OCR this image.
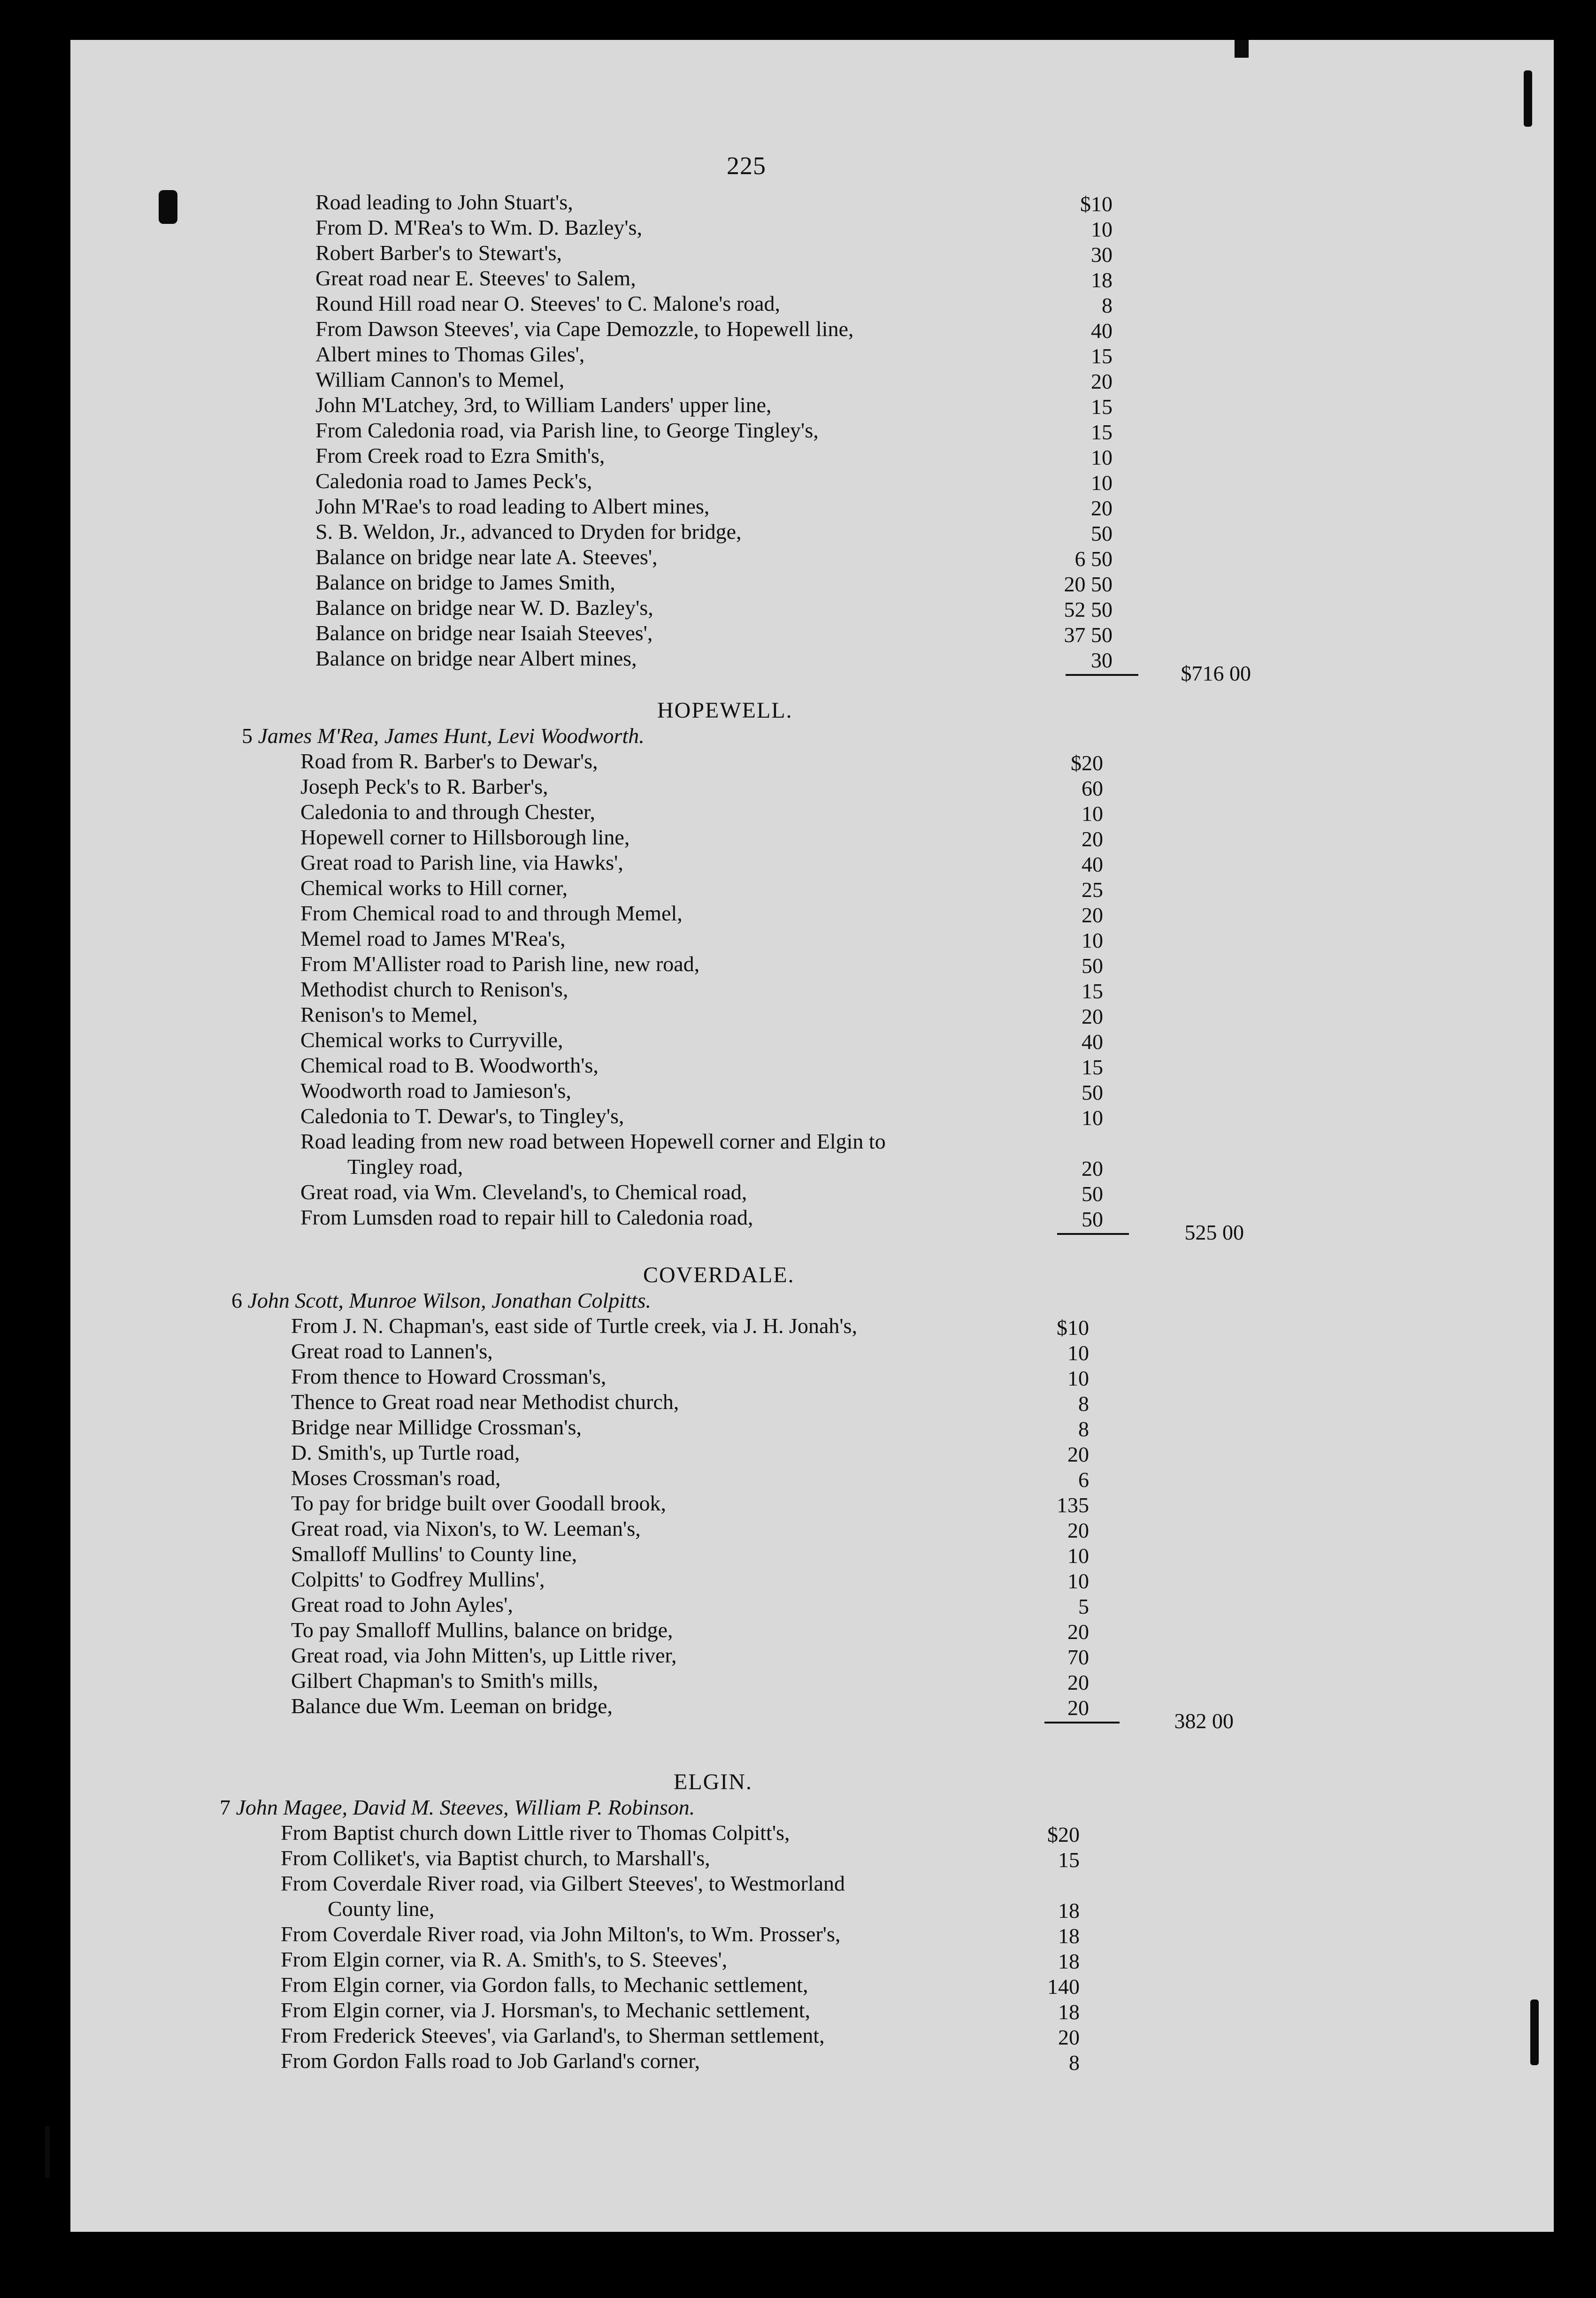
225
Road leading to John Stuart's,	$10
From D. M'Rea's to Wm. D. Bazley's,	10
Robert Barber's to Stewart's,	30
Great road near E. Steeves' to Salem,	18
Round Hill road near O. Steeves' to C. Malone's road,	8
From Dawson Steeves', via Cape Demozzle, to Hopewell line,	40
Albert mines to Thomas Giles',	15
William Cannon's to Memel,	20
John M'Latchey, 3rd, to William Landers' upper line,	15
From Caledonia road, via Parish line, to George Tingley's,	15
From Creek road to Ezra Smith's,	10
Caledonia road to James Peck's,	10
John M'Rae's to road leading to Albert mines,	20
S. B. Weldon, Jr., advanced to Dryden for bridge,	50
Balance on bridge near late A. Steeves',	6 50
Balance on bridge to James Smith,	20 50
Balance on bridge near W. D. Bazley's,	52 50
Balance on bridge near Isaiah Steeves',	37 50
Balance on bridge near Albert mines,	30
$716 00
HOPEWELL.
5 James M'Rea, James Hunt, Levi Woodworth.
Road from R. Barber's to Dewar's,	$20
Joseph Peck's to R. Barber's,	60
Caledonia to and through Chester,	10
Hopewell corner to Hillsborough line,	20
Great road to Parish line, via Hawks',	40
Chemical works to Hill corner,	25
From Chemical road to and through Memel,	20
Memel road to James M'Rea's,	10
From M'Allister road to Parish line, new road,	50
Methodist church to Renison's,	15
Renison's to Memel,	20
Chemical works to Curryville,	40
Chemical road to B. Woodworth's,	15
Woodworth road to Jamieson's,	50
Caledonia to T. Dewar's, to Tingley's,	10
Road leading from new road between Hopewell corner and Elgin to
Tingley road,	20
Great road, via Wm. Cleveland's, to Chemical road,	50
From Lumsden road to repair hill to Caledonia road,	50
525 00
COVERDALE.
6 John Scott, Munroe Wilson, Jonathan Colpitts.
From J. N. Chapman's, east side of Turtle creek, via J. H. Jonah's,	$10
Great road to Lannen's,	10
From thence to Howard Crossman's,	10
Thence to Great road near Methodist church,	8
Bridge near Millidge Crossman's,	8
D. Smith's, up Turtle road,	20
Moses Crossman's road,	6
To pay for bridge built over Goodall brook,	135
Great road, via Nixon's, to W. Leeman's,	20
Smalloff Mullins' to County line,	10
Colpitts' to Godfrey Mullins',	10
Great road to John Ayles',	5
To pay Smalloff Mullins, balance on bridge,	20
Great road, via John Mitten's, up Little river,	70
Gilbert Chapman's to Smith's mills,	20
Balance due Wm. Leeman on bridge,	20
382 00
ELGIN.
7 John Magee, David M. Steeves, William P. Robinson.
From Baptist church down Little river to Thomas Colpitt's,	$20
From Colliket's, via Baptist church, to Marshall's,	15
From Coverdale River road, via Gilbert Steeves', to Westmorland
County line,	18
From Coverdale River road, via John Milton's, to Wm. Prosser's,	18
From Elgin corner, via R. A. Smith's, to S. Steeves',	18
From Elgin corner, via Gordon falls, to Mechanic settlement,	140
From Elgin corner, via J. Horsman's, to Mechanic settlement,	18
From Frederick Steeves', via Garland's, to Sherman settlement,	20
From Gordon Falls road to Job Garland's corner,	8
